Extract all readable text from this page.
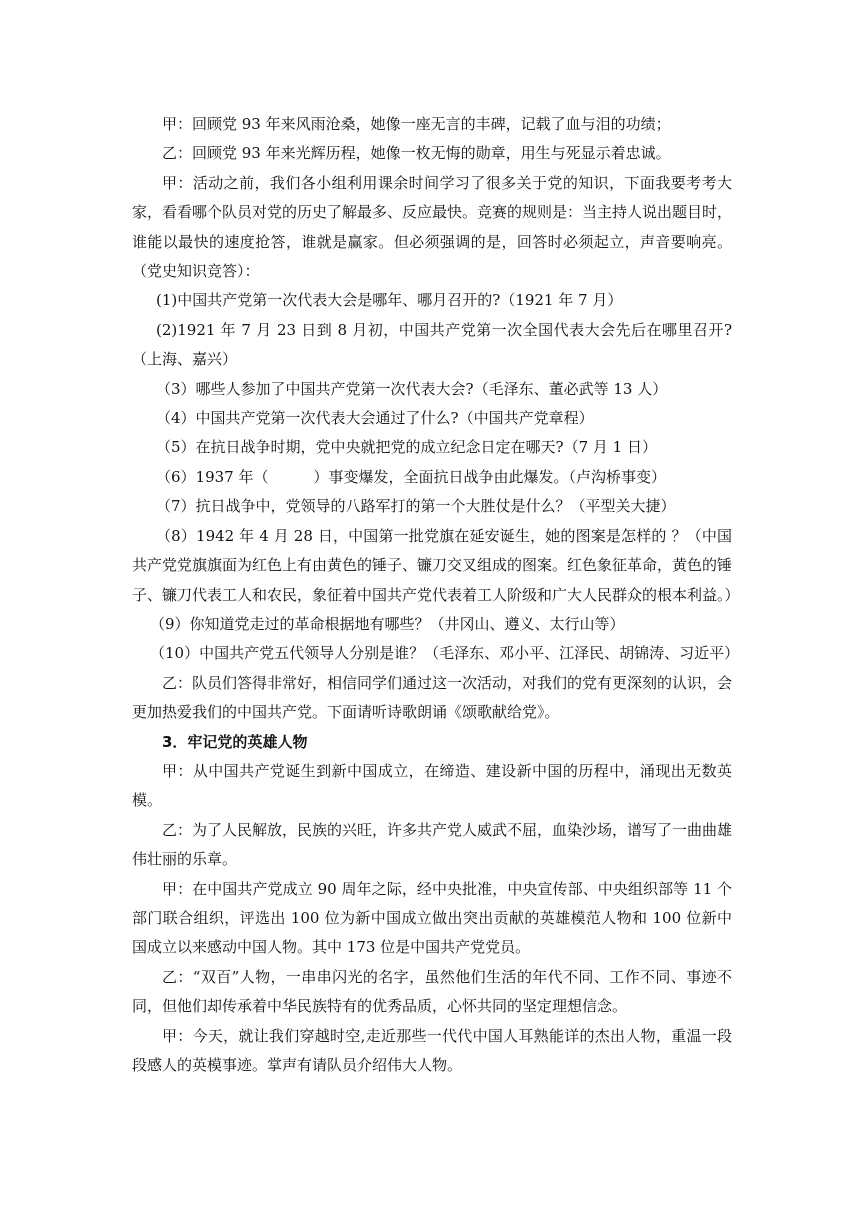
甲：回顾党 93 年来风雨沧桑，她像一座无言的丰碑，记载了血与泪的功绩；

乙：回顾党 93 年来光辉历程，她像一枚无悔的勋章，用生与死显示着忠诚。

甲：活动之前，我们各小组利用课余时间学习了很多关于党的知识，下面我要考考大家，看看哪个队员对党的历史了解最多、反应最快。竞赛的规则是：当主持人说出题目时，谁能以最快的速度抢答，谁就是赢家。但必须强调的是，回答时必须起立，声音要响亮。（党史知识竞答）：

(1)中国共产党第一次代表大会是哪年、哪月召开的?（1921 年 7 月）

(2)1921 年 7 月 23 日到 8 月初，中国共产党第一次全国代表大会先后在哪里召开?（上海、嘉兴）

（3）哪些人参加了中国共产党第一次代表大会?（毛泽东、董必武等 13 人）

（4）中国共产党第一次代表大会通过了什么?（中国共产党章程）

（5）在抗日战争时期，党中央就把党的成立纪念日定在哪天?（7 月 1 日）

（6）1937 年（　　　）事变爆发，全面抗日战争由此爆发。（卢沟桥事变）

（7）抗日战争中，党领导的八路军打的第一个大胜仗是什么？（平型关大捷）

（8）1942 年 4 月 28 日，中国第一批党旗在延安诞生，她的图案是怎样的 ？（中国共产党党旗旗面为红色上有由黄色的锤子、镰刀交叉组成的图案。红色象征革命，黄色的锤子、镰刀代表工人和农民，象征着中国共产党代表着工人阶级和广大人民群众的根本利益。）

（9）你知道党走过的革命根据地有哪些？（井冈山、遵义、太行山等）

（10）中国共产党五代领导人分别是谁？（毛泽东、邓小平、江泽民、胡锦涛、习近平）

乙：队员们答得非常好，相信同学们通过这一次活动，对我们的党有更深刻的认识，会更加热爱我们的中国共产党。下面请听诗歌朗诵《颂歌献给党》。

3．牢记党的英雄人物

甲：从中国共产党诞生到新中国成立，在缔造、建设新中国的历程中，涌现出无数英模。

乙：为了人民解放，民族的兴旺，许多共产党人威武不屈，血染沙场，谱写了一曲曲雄伟壮丽的乐章。

甲：在中国共产党成立 90 周年之际，经中央批准，中央宣传部、中央组织部等 11 个部门联合组织，评选出 100 位为新中国成立做出突出贡献的英雄模范人物和 100 位新中国成立以来感动中国人物。其中 173 位是中国共产党党员。

乙：“双百”人物，一串串闪光的名字，虽然他们生活的年代不同、工作不同、事迹不同，但他们却传承着中华民族特有的优秀品质，心怀共同的坚定理想信念。

甲：今天，就让我们穿越时空,走近那些一代代中国人耳熟能详的杰出人物，重温一段段感人的英模事迹。掌声有请队员介绍伟大人物。
